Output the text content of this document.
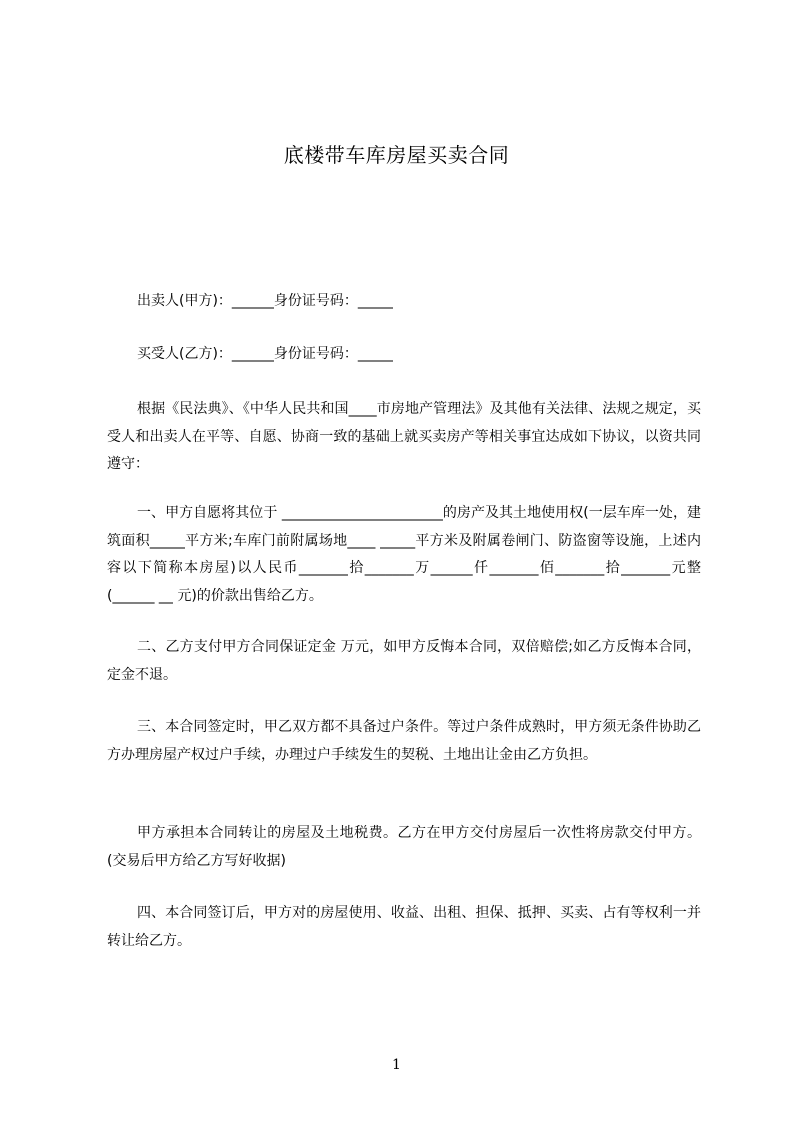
底楼带车库房屋买卖合同
出卖人(甲方)：______身份证号码：_____
买受人(乙方)：______身份证号码：_____
根据《民法典》、《中华人民共和国____市房地产管理法》及其他有关法律、法规之规定，买受人和出卖人在平等、自愿、协商一致的基础上就买卖房产等相关事宜达成如下协议，以资共同遵守：
一、甲方自愿将其位于 _______________________的房产及其土地使用权(一层车库一处，建筑面积_____平方米;车库门前附属场地____ _____平方米及附属卷闸门、防盗窗等设施，上述内容以下简称本房屋)以人民币_______拾_______万______仟_______佰_______拾_______元整(______ __ 元)的价款出售给乙方。
二、乙方支付甲方合同保证定金 万元，如甲方反悔本合同，双倍赔偿;如乙方反悔本合同，定金不退。
三、本合同签定时，甲乙双方都不具备过户条件。等过户条件成熟时，甲方须无条件协助乙方办理房屋产权过户手续，办理过户手续发生的契税、土地出让金由乙方负担。
甲方承担本合同转让的房屋及土地税费。乙方在甲方交付房屋后一次性将房款交付甲方。(交易后甲方给乙方写好收据)
四、本合同签订后，甲方对的房屋使用、收益、出租、担保、抵押、买卖、占有等权利一并转让给乙方。
1
